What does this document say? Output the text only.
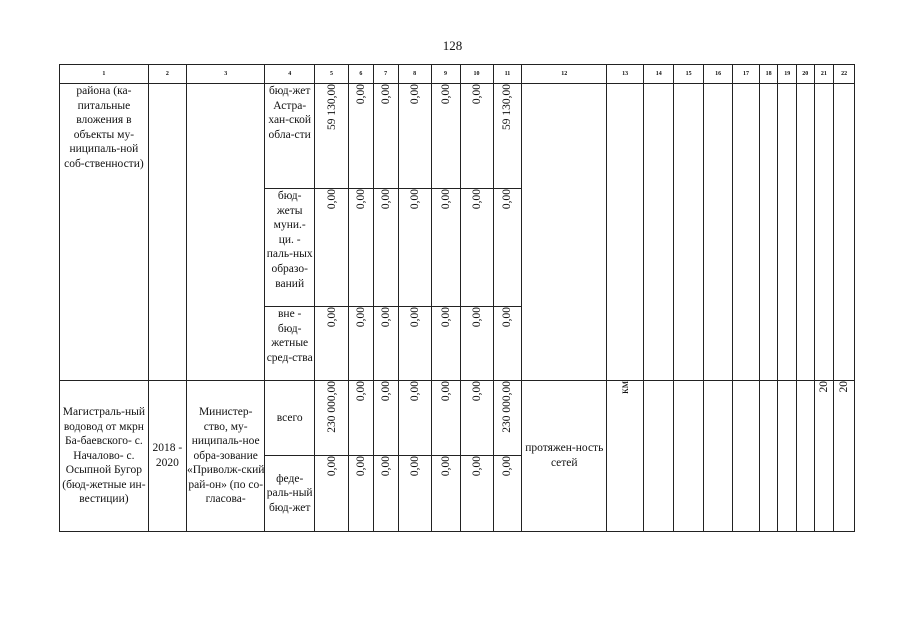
128
1	2	3	4	5	6	7	8	9	10	11	12	13	14	15	16	17	18	19	20	21	22
района (ка-питальные вложения в объекты му-ниципаль-ной соб-ственности)			бюд-жет Астра-хан-ской обла-сти	59 130,00	0,00	0,00	0,00	0,00	0,00	59 130,00											
			бюд-жеты муни.- ци. - паль-ных образо-ваний	0,00	0,00	0,00	0,00	0,00	0,00	0,00											
			вне - бюд-жетные сред-ства	0,00	0,00	0,00	0,00	0,00	0,00	0,00											
Магистраль-ный водовод от мкрн Ба-баевского- с. Началово- с. Осыпной Бугор (бюд-жетные ин-вестиции)	2018 - 2020	Министер-ство, му-ниципаль-ное обра-зование «Приволж-ский рай-он» (по со-гласова-	всего	230 000,00	0,00	0,00	0,00	0,00	0,00	230 000,00	протяжен-ность сетей	км								20	20
			феде-раль-ный бюд-жет	0,00	0,00	0,00	0,00	0,00	0,00	0,00											
